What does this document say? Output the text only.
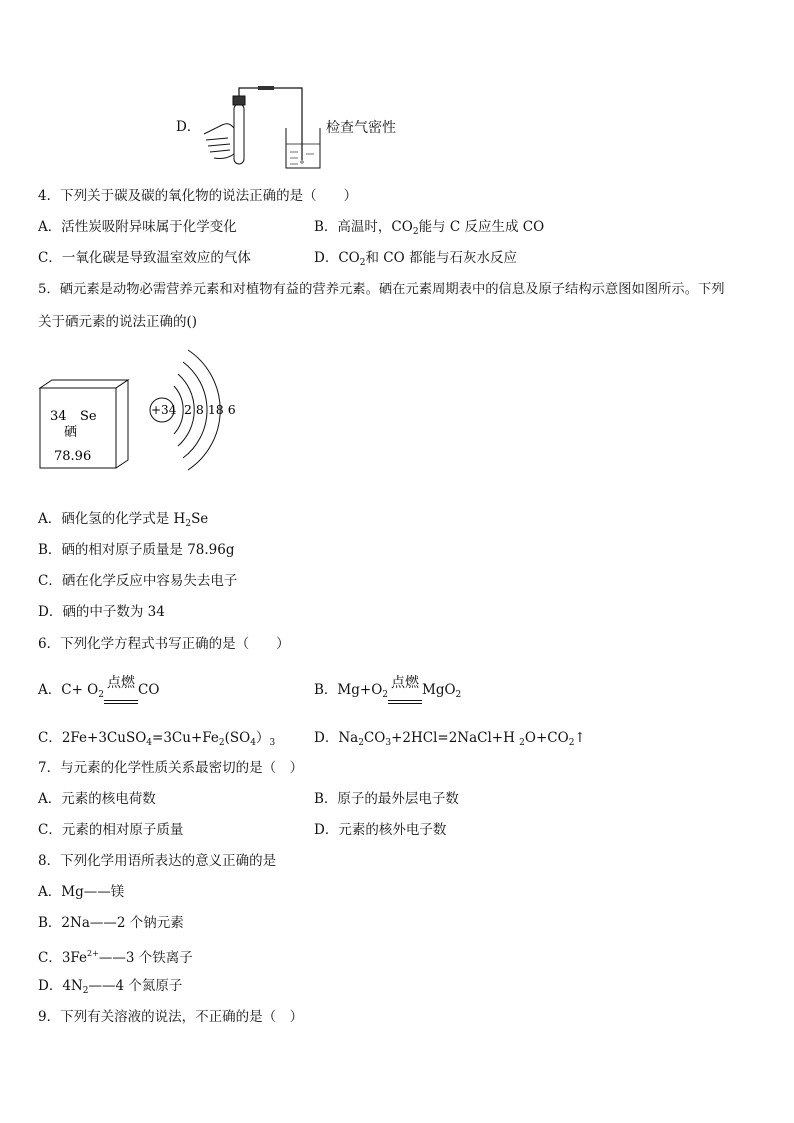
D．	检查气密性
4．下列关于碳及碳的氧化物的说法正确的是（　　）
A．活性炭吸附异味属于化学变化	B．高温时，$CO_2$能与 C 反应生成 CO
C．一氧化碳是导致温室效应的气体	D．$CO_2$和 CO 都能与石灰水反应
5．硒元素是动物必需营养元素和对植物有益的营养元素。硒在元素周期表中的信息及原子结构示意图如图所示。下列
关于硒元素的说法正确的()
34 Se
硒
78.96
+34 2 8 18 6
A．硒化氢的化学式是 $H_2Se$
B．硒的相对原子质量是 78.96g
C．硒在化学反应中容易失去电子
D．硒的中子数为 34
6．下列化学方程式书写正确的是（　　）
A．$C+ O_2$
点燃 CO	B．$Mg+O_2$
点燃 MgO$_2$
C．$2Fe+3CuSO_4=3Cu+Fe_2(SO_4)_3$	D．$Na_2CO_3+2HCl=2NaCl+H$ $_2O+CO_2↑$
7．与元素的化学性质关系最密切的是（　）
A．元素的核电荷数	B．原子的最外层电子数
C．元素的相对原子质量	D．元素的核外电子数
8．下列化学用语所表达的意义正确的是
A．Mg——镁
B．2Na——2 个钠元素
C．$3Fe^{2+}——3$ 个铁离子
D．$4N_2——4$ 个氮原子
9．下列有关溶液的说法，不正确的是（　）
